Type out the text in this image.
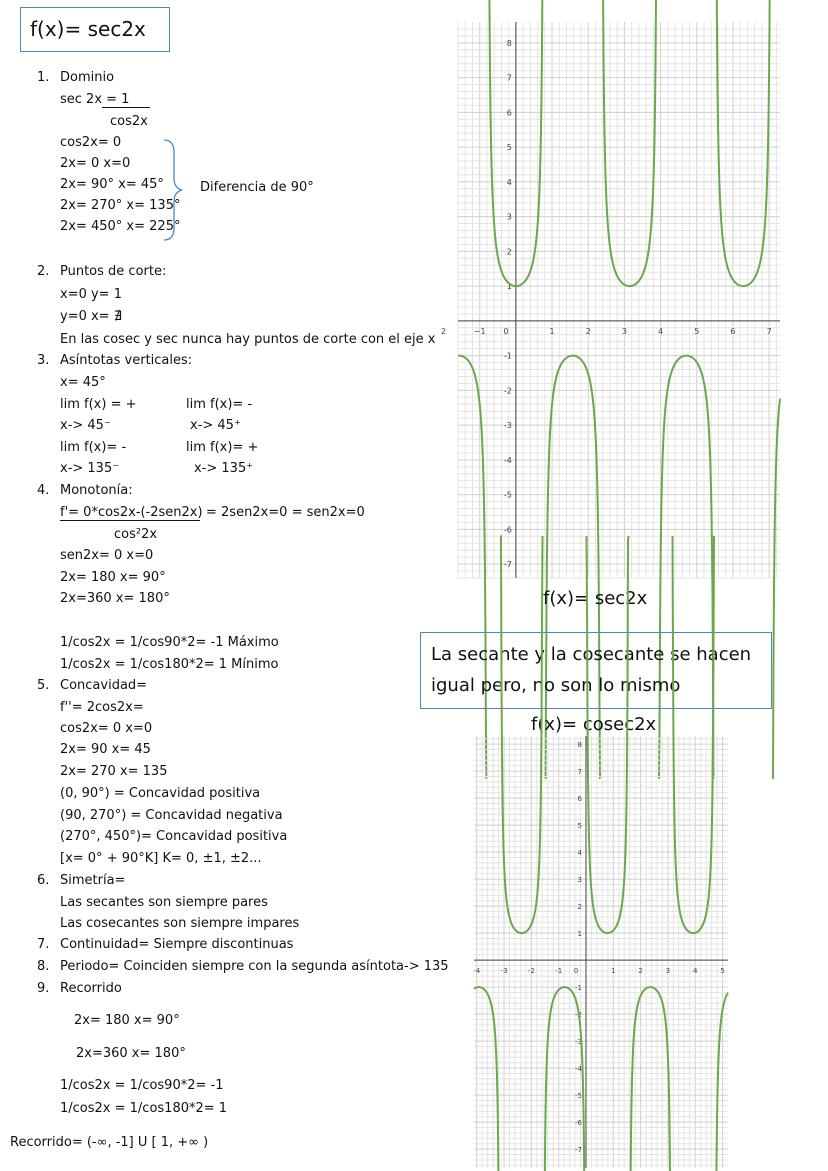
f(x)= sec2x
1. Dominio
sec 2x = 1
cos2x
cos2x= 0
2x= 0 x=0
2x= 90° x= 45°
2x= 270° x= 135°
2x= 450° x= 225°
Diferencia de 90°
2. Puntos de corte:
x=0 y= 1
y=0 x= ∄
En las cosec y sec nunca hay puntos de corte con el eje x
3. Asíntotas verticales:
x= 45°
lim f(x) = +	lim f(x)= -
x-> 45⁻	x-> 45⁺
lim f(x)= -	lim f(x)= +
x-> 135⁻	x-> 135⁺
4. Monotonía:
f'= 0*cos2x-(-2sen2x) = 2sen2x=0 = sen2x=0
cos²2x
sen2x= 0 x=0
2x= 180 x= 90°
2x=360 x= 180°
1/cos2x = 1/cos90*2= -1 Máximo
1/cos2x = 1/cos180*2= 1 Mínimo
5. Concavidad=
f''= 2cos2x=
cos2x= 0 x=0
2x= 90 x= 45
2x= 270 x= 135
(0, 90°) = Concavidad positiva
(90, 270°) = Concavidad negativa
(270°, 450°)= Concavidad positiva
[x= 0° + 90°K] K= 0, ±1, ±2...
6. Simetría=
Las secantes son siempre pares
Las cosecantes son siempre impares
7. Continuidad= Siempre discontinuas
8. Periodo= Coinciden siempre con la segunda asíntota-> 135
9. Recorrido
2x= 180 x= 90°
2x=360 x= 180°
1/cos2x = 1/cos90*2= -1
1/cos2x = 1/cos180*2= 1
Recorrido= (-∞, -1] U [ 1, +∞ )
2	−1 0	1	2	3	4	5	6	7
8
7
6
5
4
3
2
1
-1
-2
-3
-4
-5
-6
-7
f(x)= sec2x
La secante y la cosecante se hacen
igual pero, no son lo mismo
f(x)= cosec2x
-4	-3	-2	-1 0	1	2	3	4	5
8
7
6
5
4
3
2
1
-1
-2
-3
-4
-5
-6
-7
